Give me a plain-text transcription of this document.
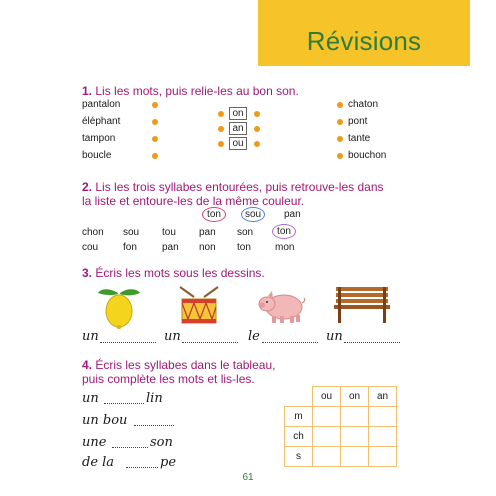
Révisions
1. Lis les mots, puis relie-les au bon son.
pantalon
éléphant
tampon
boucle
on
an
ou
chaton
pont
tante
bouchon
2. Lis les trois syllabes entourées, puis retrouve-les dans
la liste et entoure-les de la même couleur.
ton	sou	pan
chon sou tou pan son	ton
cou fon	pan non ton mon
3. Écris les mots sous les dessins.
un	un	le	un
4. Écris les syllabes dans le tableau,
puis complète les mots et lis-les.
un	lin
un bou
une	son
de la	pe
	ou	on	an
m			
ch			
s			
61
